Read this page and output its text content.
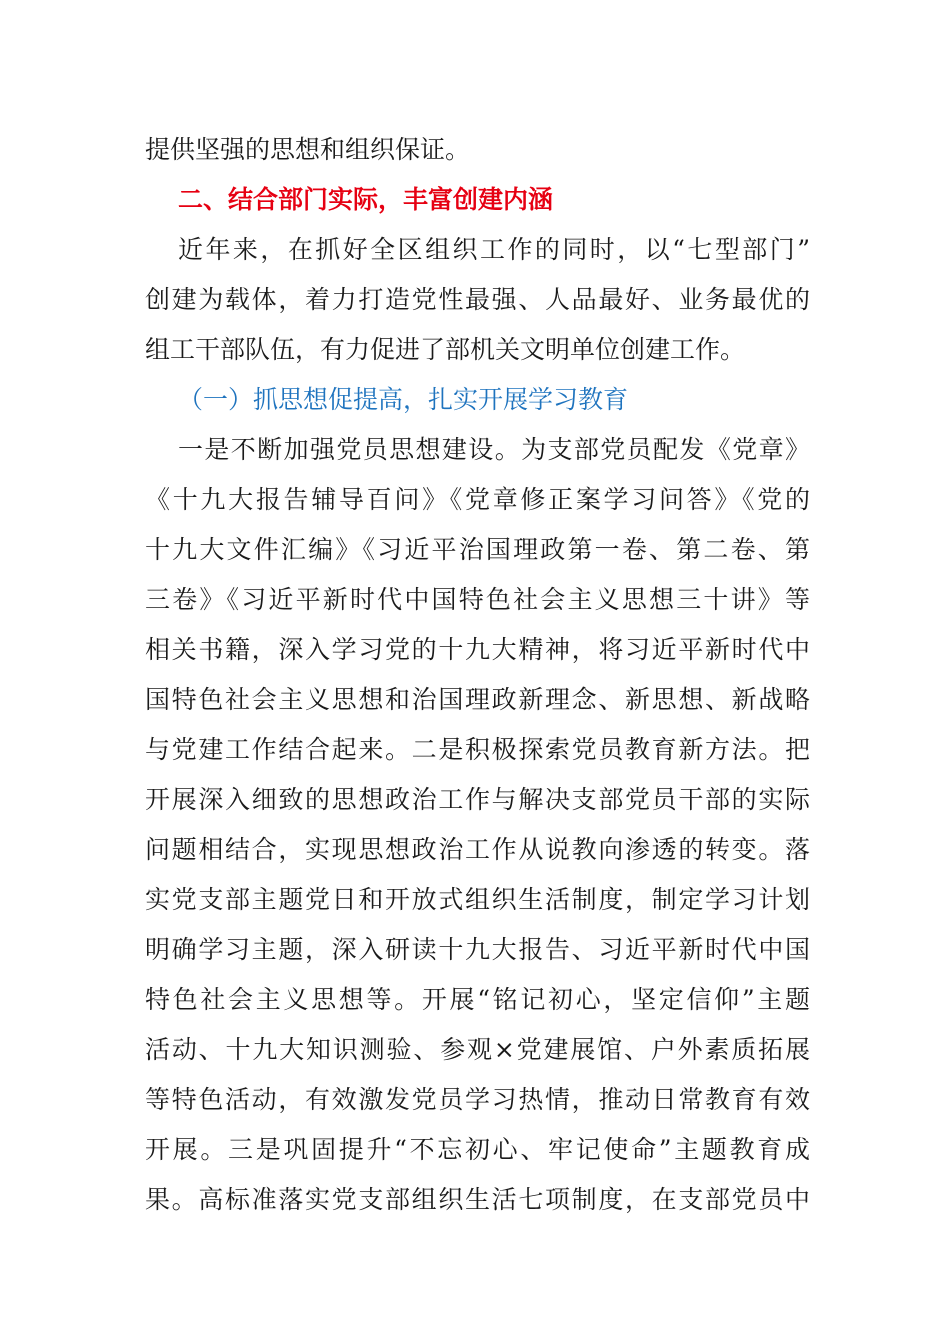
提供坚强的思想和组织保证。
二、结合部门实际，丰富创建内涵
近年来，在抓好全区组织工作的同时，以“七型部门”
创建为载体，着力打造党性最强、人品最好、业务最优的
组工干部队伍，有力促进了部机关文明单位创建工作。
（一）抓思想促提高，扎实开展学习教育
一是不断加强党员思想建设。为支部党员配发《党章》
《十九大报告辅导百问》《党章修正案学习问答》《党的
十九大文件汇编》《习近平治国理政第一卷、第二卷、第
三卷》《习近平新时代中国特色社会主义思想三十讲》等
相关书籍，深入学习党的十九大精神，将习近平新时代中
国特色社会主义思想和治国理政新理念、新思想、新战略
与党建工作结合起来。二是积极探索党员教育新方法。把
开展深入细致的思想政治工作与解决支部党员干部的实际
问题相结合，实现思想政治工作从说教向渗透的转变。落
实党支部主题党日和开放式组织生活制度，制定学习计划
明确学习主题，深入研读十九大报告、习近平新时代中国
特色社会主义思想等。开展“铭记初心，坚定信仰”主题
活动、十九大知识测验、参观×党建展馆、户外素质拓展
等特色活动，有效激发党员学习热情，推动日常教育有效
开展。三是巩固提升“不忘初心、牢记使命”主题教育成
果。高标准落实党支部组织生活七项制度，在支部党员中
